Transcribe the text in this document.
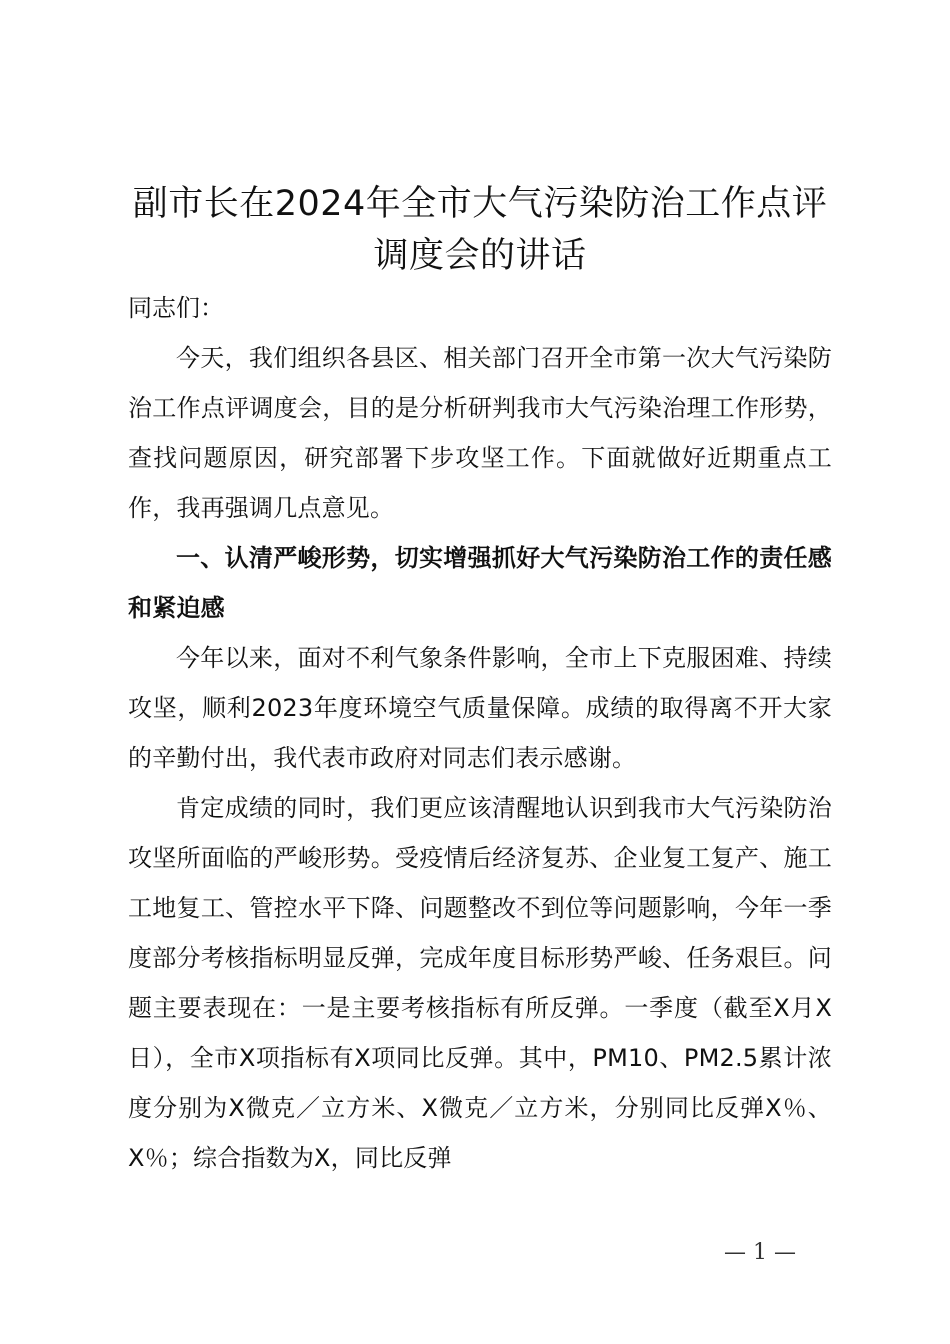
副市长在2024年全市大气污染防治工作点评调度会的讲话

同志们：

今天，我们组织各县区、相关部门召开全市第一次大气污染防治工作点评调度会，目的是分析研判我市大气污染治理工作形势，查找问题原因，研究部署下步攻坚工作。下面就做好近期重点工作，我再强调几点意见。

一、认清严峻形势，切实增强抓好大气污染防治工作的责任感和紧迫感

今年以来，面对不利气象条件影响，全市上下克服困难、持续攻坚，顺利2023年度环境空气质量保障。成绩的取得离不开大家的辛勤付出，我代表市政府对同志们表示感谢。

肯定成绩的同时，我们更应该清醒地认识到我市大气污染防治攻坚所面临的严峻形势。受疫情后经济复苏、企业复工复产、施工工地复工、管控水平下降、问题整改不到位等问题影响，今年一季度部分考核指标明显反弹，完成年度目标形势严峻、任务艰巨。问题主要表现在：一是主要考核指标有所反弹。一季度（截至X月X日），全市X项指标有X项同比反弹。其中，PM10、PM2.5累计浓度分别为X微克／立方米、X微克／立方米，分别同比反弹X％、X％；综合指数为X，同比反弹

— 1 —
